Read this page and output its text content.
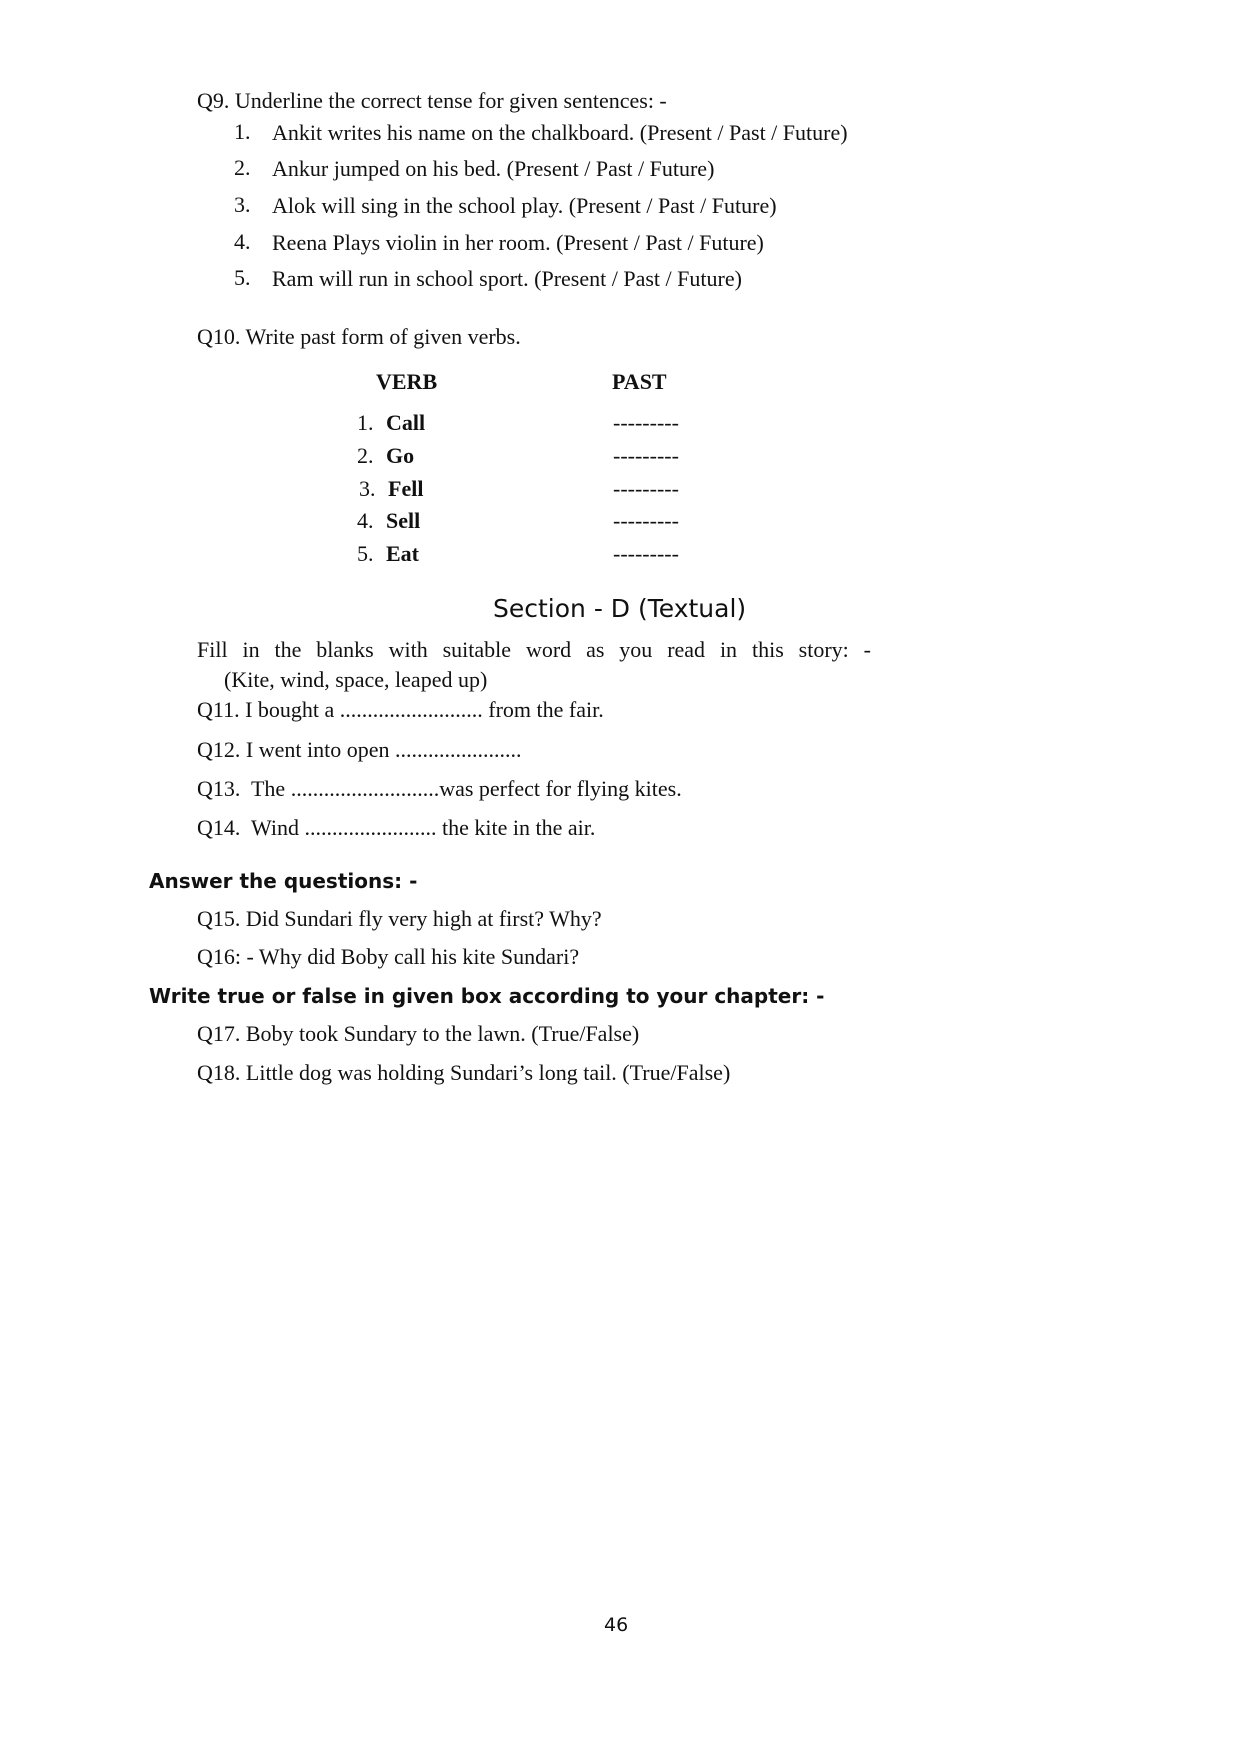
Q9. Underline the correct tense for given sentences: -
1. Ankit writes his name on the chalkboard. (Present / Past / Future)
2. Ankur jumped on his bed. (Present / Past / Future)
3. Alok will sing in the school play. (Present / Past / Future)
4. Reena Plays violin in her room. (Present / Past / Future)
5. Ram will run in school sport. (Present / Past / Future)
Q10. Write past form of given verbs.
VERB	PAST
1. Call	---------
2. Go	---------
3. Fell	---------
4. Sell	---------
5. Eat	---------
Section - D (Textual)
Fill in the blanks with suitable word as you read in this story: -
(Kite, wind, space, leaped up)
Q11. I bought a .......................... from the fair.
Q12. I went into open .......................
Q13.  The ...........................was perfect for flying kites.
Q14.  Wind ........................ the kite in the air.
Answer the questions: -
Q15. Did Sundari fly very high at first? Why?
Q16: - Why did Boby call his kite Sundari?
Write true or false in given box according to your chapter: -
Q17. Boby took Sundary to the lawn. (True/False)
Q18. Little dog was holding Sundari’s long tail. (True/False)
46
